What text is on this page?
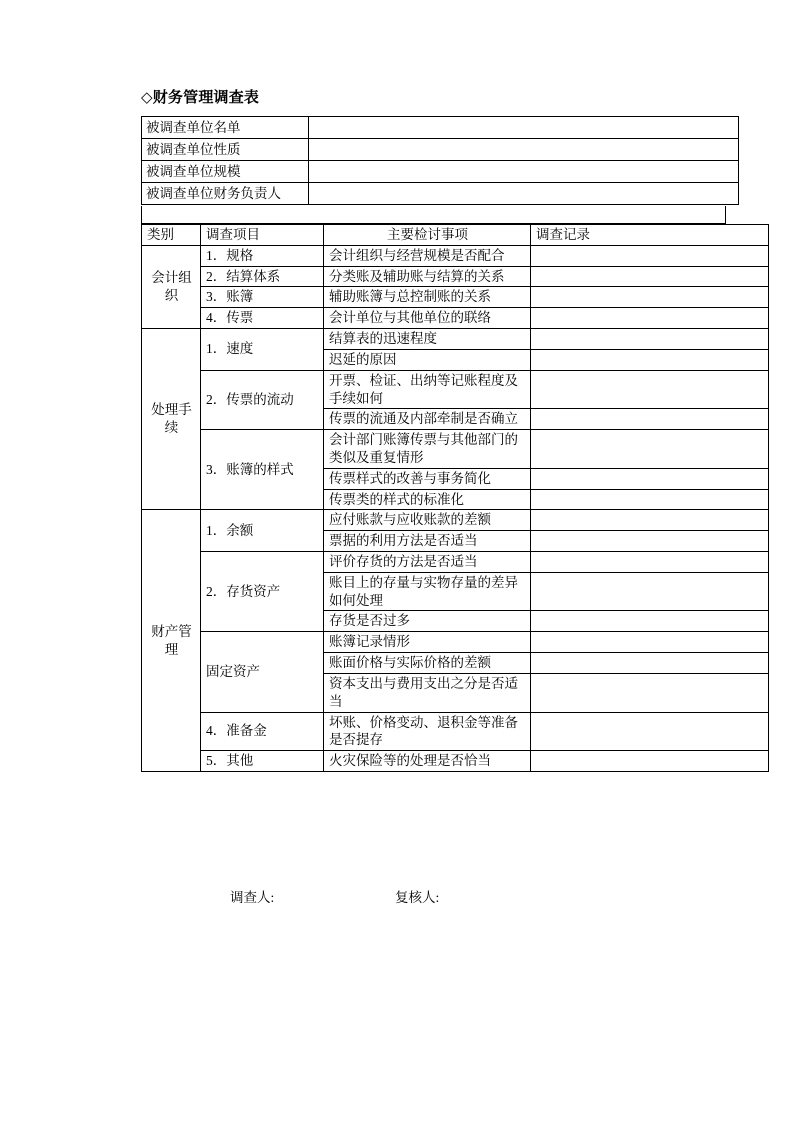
◇财务管理调查表
被调查单位名单	
被调查单位性质	
被调查单位规模	
被调查单位财务负责人	
类别	调查项目	主要检讨事项	调查记录
会计组织	1．规格	会计组织与经营规模是否配合	
	2．结算体系	分类账及辅助账与结算的关系	
	3．账簿	辅助账簿与总控制账的关系	
	4．传票	会计单位与其他单位的联络	
处理手续	1．速度	结算表的迅速程度	
		迟延的原因	
	2．传票的流动	开票、检证、出纳等记账程度及手续如何	
		传票的流通及内部牵制是否确立	
	3．账簿的样式	会计部门账簿传票与其他部门的类似及重复情形	
		传票样式的改善与事务简化	
		传票类的样式的标准化	
财产管理	1．余额	应付账款与应收账款的差额	
		票据的利用方法是否适当	
	2．存货资产	评价存货的方法是否适当	
		账目上的存量与实物存量的差异如何处理	
		存货是否过多	
	固定资产	账簿记录情形	
		账面价格与实际价格的差额	
		资本支出与费用支出之分是否适当	
	4．准备金	坏账、价格变动、退积金等准备是否提存	
	5．其他	火灾保险等的处理是否恰当	
调查人:	复核人:
